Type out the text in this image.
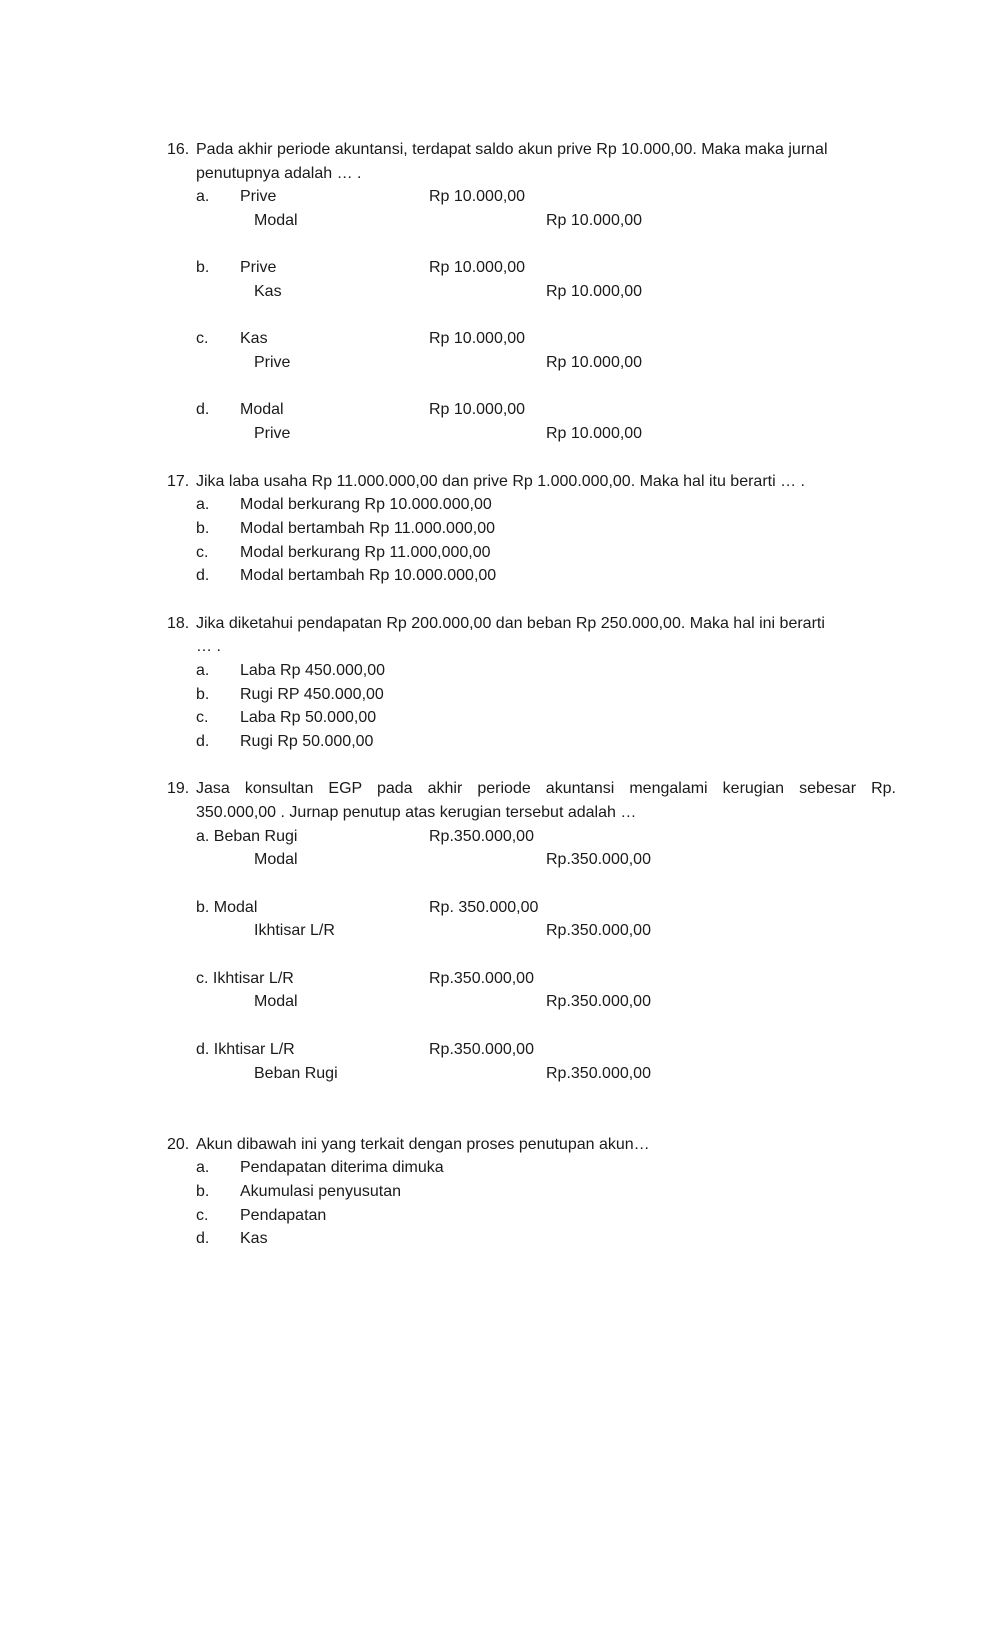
16. Pada akhir periode akuntansi, terdapat saldo akun prive Rp 10.000,00. Maka maka jurnal
penutupnya adalah … .
a. Prive	Rp 10.000,00
Modal	Rp 10.000,00
b. Prive	Rp 10.000,00
Kas	Rp 10.000,00
c. Kas	Rp 10.000,00
Prive	Rp 10.000,00
d. Modal	Rp 10.000,00
Prive	Rp 10.000,00
17. Jika laba usaha Rp 11.000.000,00 dan prive Rp 1.000.000,00. Maka hal itu berarti … .
a. Modal berkurang Rp 10.000.000,00
b. Modal bertambah Rp 11.000.000,00
c. Modal berkurang Rp 11.000,000,00
d. Modal bertambah Rp 10.000.000,00
18. Jika diketahui pendapatan Rp 200.000,00 dan beban Rp 250.000,00. Maka hal ini berarti
… .
a. Laba Rp 450.000,00
b. Rugi RP 450.000,00
c. Laba Rp 50.000,00
d. Rugi Rp 50.000,00
19. Jasa konsultan EGP pada akhir periode akuntansi mengalami kerugian sebesar Rp.
350.000,00 . Jurnap penutup atas kerugian tersebut adalah …
a. Beban Rugi	Rp.350.000,00
Modal	Rp.350.000,00
b. Modal	Rp. 350.000,00
Ikhtisar L/R	Rp.350.000,00
c. Ikhtisar L/R	Rp.350.000,00
Modal	Rp.350.000,00
d. Ikhtisar L/R	Rp.350.000,00
Beban Rugi	Rp.350.000,00
20. Akun dibawah ini yang terkait dengan proses penutupan akun…
a. Pendapatan diterima dimuka
b. Akumulasi penyusutan
c. Pendapatan
d. Kas
